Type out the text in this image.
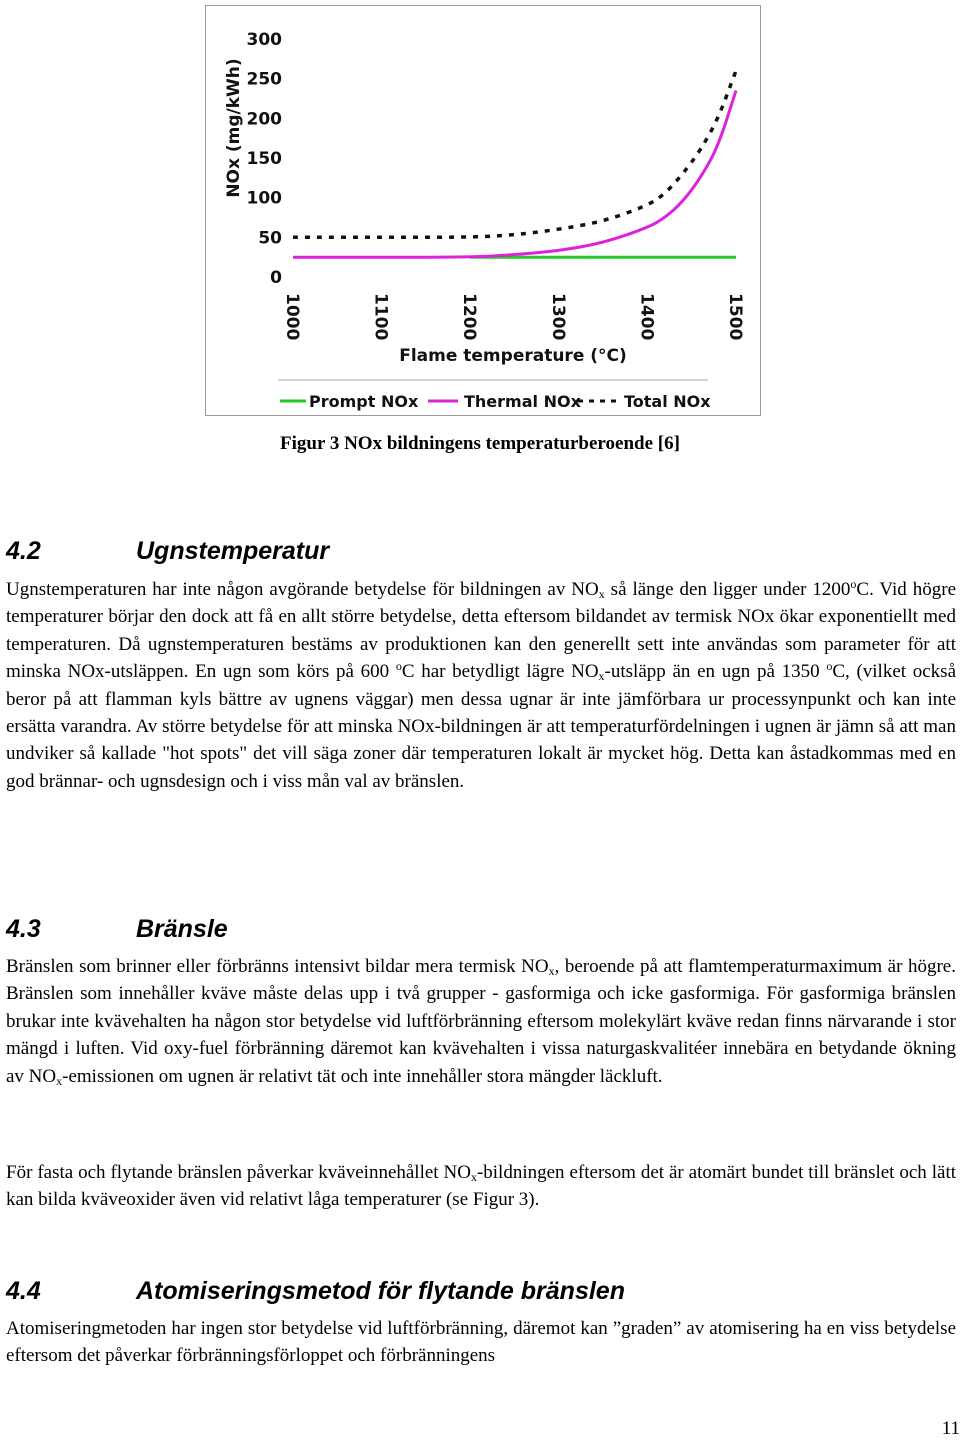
300
250
200
150
100
50
0
1000	1100	1200	1300	1400	1500
NOx (mg/kWh)
Flame temperature (°C)
Prompt NOx	Thermal NOx	Total NOx
Figur 3 NOx bildningens temperaturberoende [6]
4.2	Ugnstemperatur

Ugnstemperaturen har inte någon avgörande betydelse för bildningen av $NO_x$ så länge den ligger under 1200$^o$C. Vid högre temperaturer börjar den dock att få en allt större betydelse, detta eftersom bildandet av termisk NOx ökar exponentiellt med temperaturen. Då ugnstemperaturen bestäms av produktionen kan den generellt sett inte användas som parameter för att minska NOx-utsläppen. En ugn som körs på 600 $^o$C har betydligt lägre $NO_x$-utsläpp än en ugn på 1350 $^o$C, (vilket också beror på att flamman kyls bättre av ugnens väggar) men dessa ugnar är inte jämförbara ur processynpunkt och kan inte ersätta varandra. Av större betydelse för att minska NOx-bildningen är att temperaturfördelningen i ugnen är jämn så att man undviker så kallade "hot spots" det vill säga zoner där temperaturen lokalt är mycket hög. Detta kan åstadkommas med en god brännar- och ugnsdesign och i viss mån val av bränslen.

4.3	Bränsle

Bränslen som brinner eller förbränns intensivt bildar mera termisk $NO_x$, beroende på att flamtemperaturmaximum är högre. Bränslen som innehåller kväve måste delas upp i två grupper - gasformiga och icke gasformiga. För gasformiga bränslen brukar inte kvävehalten ha någon stor betydelse vid luftförbränning eftersom molekylärt kväve redan finns närvarande i stor mängd i luften. Vid oxy-fuel förbränning däremot kan kvävehalten i vissa naturgaskvalitéer innebära en betydande ökning av $NO_x$-emissionen om ugnen är relativt tät och inte innehåller stora mängder läckluft.

För fasta och flytande bränslen påverkar kväveinnehållet $NO_x$-bildningen eftersom det är atomärt bundet till bränslet och lätt kan bilda kväveoxider även vid relativt låga temperaturer (se Figur 3).

4.4	Atomiseringsmetod för flytande bränslen

Atomiseringmetoden har ingen stor betydelse vid luftförbränning, däremot kan ”graden” av atomisering ha en viss betydelse eftersom det påverkar förbränningsförloppet och förbränningens

11
